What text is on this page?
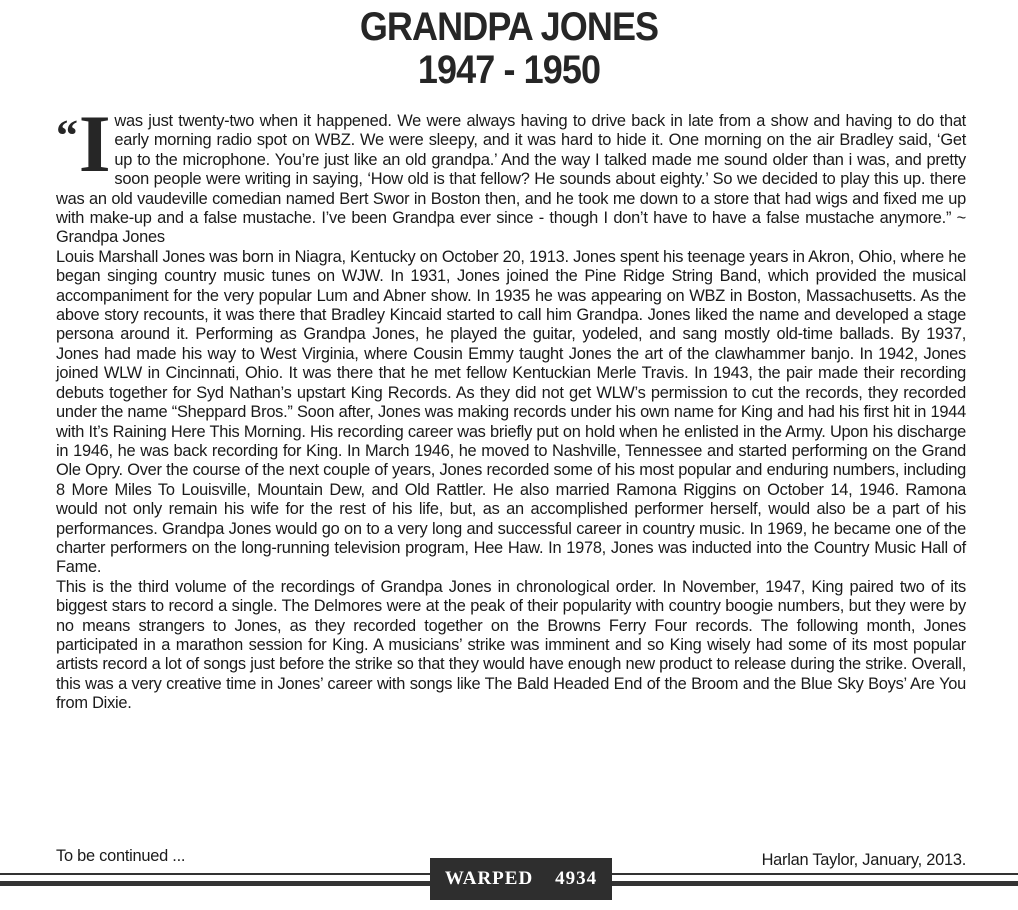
GRANDPA JONES
1947 - 1950

“ I was just twenty-two when it happened. We were always having to drive back in late from a show and having to do that early morning radio spot on WBZ. We were sleepy, and it was hard to hide it. One morning on the air Bradley said, ‘Get up to the microphone. You’re just like an old grandpa.’ And the way I talked made me sound older than i was, and pretty soon people were writing in saying, ‘How old is that fellow? He sounds about eighty.’ So we decided to play this up. there was an old vaudeville comedian named Bert Swor in Boston then, and he took me down to a store that had wigs and fixed me up with make-up and a false mustache. I’ve been Grandpa ever since - though I don’t have to have a false mustache anymore.” ~ Grandpa Jones

Louis Marshall Jones was born in Niagra, Kentucky on October 20, 1913. Jones spent his teenage years in Akron, Ohio, where he began singing country music tunes on WJW. In 1931, Jones joined the Pine Ridge String Band, which provided the musical accompaniment for the very popular Lum and Abner show. In 1935 he was appearing on WBZ in Boston, Massachusetts. As the above story recounts, it was there that Bradley Kincaid started to call him Grandpa. Jones liked the name and developed a stage persona around it. Performing as Grandpa Jones, he played the guitar, yodeled, and sang mostly old-time ballads. By 1937, Jones had made his way to West Virginia, where Cousin Emmy taught Jones the art of the clawhammer banjo. In 1942, Jones joined WLW in Cincinnati, Ohio. It was there that he met fellow Kentuckian Merle Travis. In 1943, the pair made their recording debuts together for Syd Nathan’s upstart King Records. As they did not get WLW’s permission to cut the records, they recorded under the name “Sheppard Bros.” Soon after, Jones was making records under his own name for King and had his first hit in 1944 with It’s Raining Here This Morning. His recording career was briefly put on hold when he enlisted in the Army. Upon his discharge in 1946, he was back recording for King. In March 1946, he moved to Nashville, Tennessee and started performing on the Grand Ole Opry. Over the course of the next couple of years, Jones recorded some of his most popular and enduring numbers, including 8 More Miles To Louisville, Mountain Dew, and Old Rattler. He also married Ramona Riggins on October 14, 1946. Ramona would not only remain his wife for the rest of his life, but, as an accomplished performer herself, would also be a part of his performances. Grandpa Jones would go on to a very long and successful career in country music. In 1969, he became one of the charter performers on the long-running television program, Hee Haw. In 1978, Jones was inducted into the Country Music Hall of Fame.

This is the third volume of the recordings of Grandpa Jones in chronological order. In November, 1947, King paired two of its biggest stars to record a single. The Delmores were at the peak of their popularity with country boogie numbers, but they were by no means strangers to Jones, as they recorded together on the Browns Ferry Four records. The following month, Jones participated in a marathon session for King. A musicians’ strike was imminent and so King wisely had some of its most popular artists record a lot of songs just before the strike so that they would have enough new product to release during the strike. Overall, this was a very creative time in Jones’ career with songs like The Bald Headed End of the Broom and the Blue Sky Boys’ Are You from Dixie.

To be continued ...	Harlan Taylor, January, 2013.
WARPED 4934
